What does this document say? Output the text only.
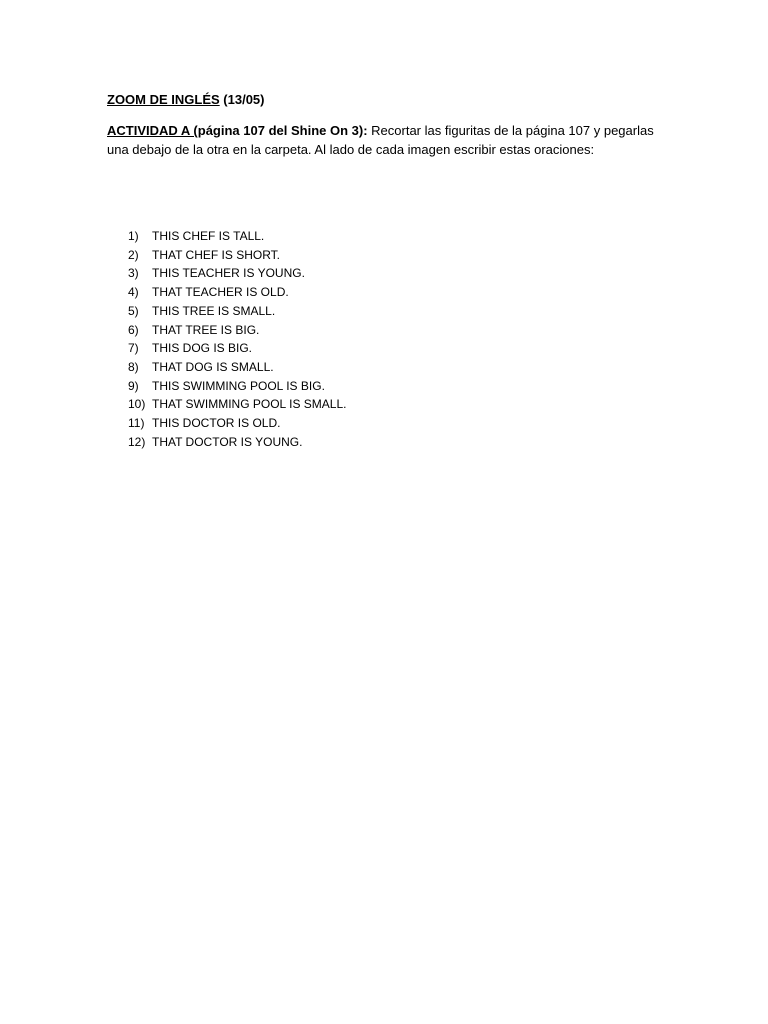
ZOOM DE INGLÉS (13/05)
ACTIVIDAD A (página 107 del Shine On 3): Recortar las figuritas de la página 107 y pegarlas una debajo de la otra en la carpeta. Al lado de cada imagen escribir estas oraciones:
1)	THIS CHEF IS TALL.
2)	THAT CHEF IS SHORT.
3)	THIS TEACHER IS YOUNG.
4)	THAT TEACHER IS OLD.
5)	THIS TREE IS SMALL.
6)	THAT TREE IS BIG.
7)	THIS DOG IS BIG.
8)	THAT DOG IS SMALL.
9)	THIS SWIMMING POOL IS BIG.
10) THAT SWIMMING POOL IS SMALL.
11) THIS DOCTOR IS OLD.
12) THAT DOCTOR IS YOUNG.
